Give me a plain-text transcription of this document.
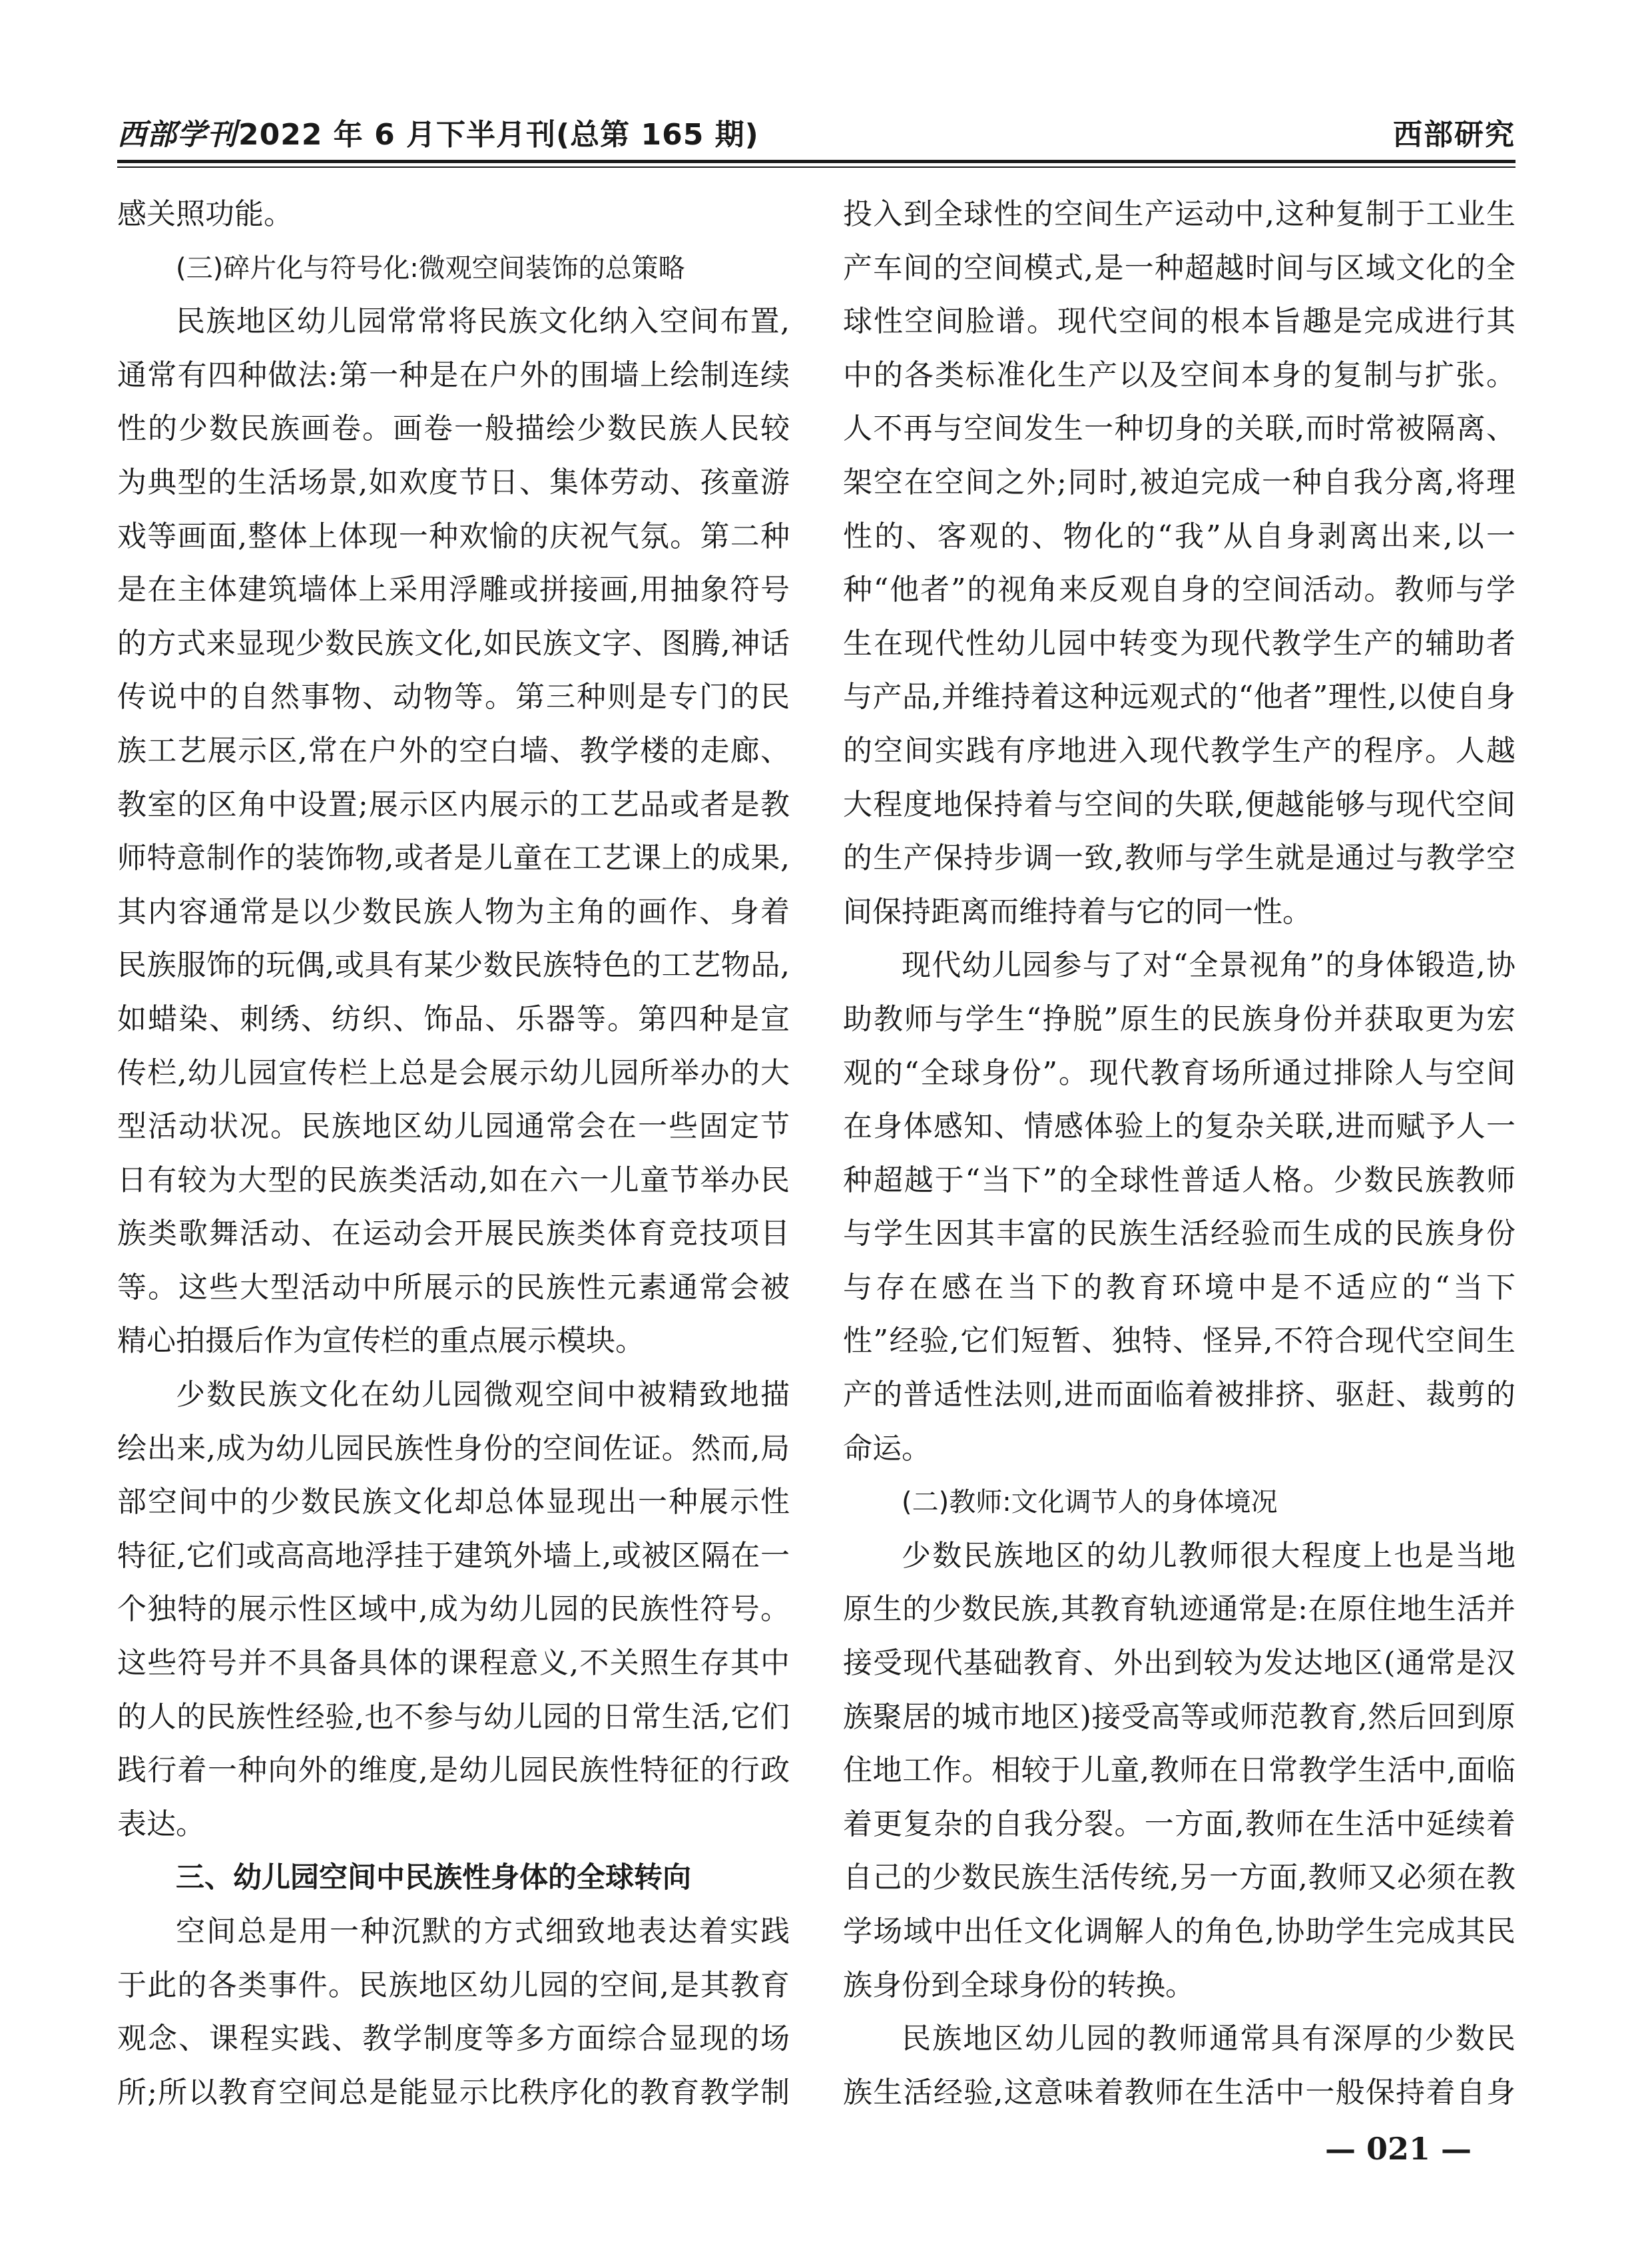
西部学刊2022 年 6 月下半月刊(总第 165 期)	西部研究

感关照功能。

(三)碎片化与符号化:微观空间装饰的总策略

民族地区幼儿园常常将民族文化纳入空间布置,通常有四种做法:第一种是在户外的围墙上绘制连续性的少数民族画卷。画卷一般描绘少数民族人民较为典型的生活场景,如欢度节日、集体劳动、孩童游戏等画面,整体上体现一种欢愉的庆祝气氛。第二种是在主体建筑墙体上采用浮雕或拼接画,用抽象符号的方式来显现少数民族文化,如民族文字、图腾,神话传说中的自然事物、动物等。第三种则是专门的民族工艺展示区,常在户外的空白墙、教学楼的走廊、教室的区角中设置;展示区内展示的工艺品或者是教师特意制作的装饰物,或者是儿童在工艺课上的成果,其内容通常是以少数民族人物为主角的画作、身着民族服饰的玩偶,或具有某少数民族特色的工艺物品,如蜡染、刺绣、纺织、饰品、乐器等。第四种是宣传栏,幼儿园宣传栏上总是会展示幼儿园所举办的大型活动状况。民族地区幼儿园通常会在一些固定节日有较为大型的民族类活动,如在六一儿童节举办民族类歌舞活动、在运动会开展民族类体育竞技项目等。这些大型活动中所展示的民族性元素通常会被精心拍摄后作为宣传栏的重点展示模块。

少数民族文化在幼儿园微观空间中被精致地描绘出来,成为幼儿园民族性身份的空间佐证。然而,局部空间中的少数民族文化却总体显现出一种展示性特征,它们或高高地浮挂于建筑外墙上,或被区隔在一个独特的展示性区域中,成为幼儿园的民族性符号。这些符号并不具备具体的课程意义,不关照生存其中的人的民族性经验,也不参与幼儿园的日常生活,它们践行着一种向外的维度,是幼儿园民族性特征的行政表达。

三、幼儿园空间中民族性身体的全球转向

空间总是用一种沉默的方式细致地表达着实践于此的各类事件。民族地区幼儿园的空间,是其教育观念、课程实践、教学制度等多方面综合显现的场所;所以教育空间总是能显示比秩序化的教育教学制

投入到全球性的空间生产运动中,这种复制于工业生产车间的空间模式,是一种超越时间与区域文化的全球性空间脸谱。现代空间的根本旨趣是完成进行其中的各类标准化生产以及空间本身的复制与扩张。人不再与空间发生一种切身的关联,而时常被隔离、架空在空间之外;同时,被迫完成一种自我分离,将理性的、客观的、物化的“我”从自身剥离出来,以一种“他者”的视角来反观自身的空间活动。教师与学生在现代性幼儿园中转变为现代教学生产的辅助者与产品,并维持着这种远观式的“他者”理性,以使自身的空间实践有序地进入现代教学生产的程序。人越大程度地保持着与空间的失联,便越能够与现代空间的生产保持步调一致,教师与学生就是通过与教学空间保持距离而维持着与它的同一性。

现代幼儿园参与了对“全景视角”的身体锻造,协助教师与学生“挣脱”原生的民族身份并获取更为宏观的“全球身份”。现代教育场所通过排除人与空间在身体感知、情感体验上的复杂关联,进而赋予人一种超越于“当下”的全球性普适人格。少数民族教师与学生因其丰富的民族生活经验而生成的民族身份与存在感在当下的教育环境中是不适应的“当下性”经验,它们短暂、独特、怪异,不符合现代空间生产的普适性法则,进而面临着被排挤、驱赶、裁剪的命运。

(二)教师:文化调节人的身体境况

少数民族地区的幼儿教师很大程度上也是当地原生的少数民族,其教育轨迹通常是:在原住地生活并接受现代基础教育、外出到较为发达地区(通常是汉族聚居的城市地区)接受高等或师范教育,然后回到原住地工作。相较于儿童,教师在日常教学生活中,面临着更复杂的自我分裂。一方面,教师在生活中延续着自己的少数民族生活传统,另一方面,教师又必须在教学场域中出任文化调解人的角色,协助学生完成其民族身份到全球身份的转换。

民族地区幼儿园的教师通常具有深厚的少数民族生活经验,这意味着教师在生活中一般保持着自身

— 021 —
